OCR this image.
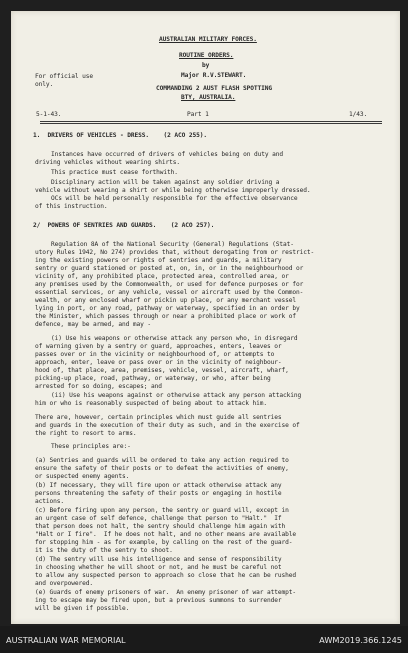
AUSTRALIAN MILITARY FORCES.
ROUTINE ORDERS.
by
Major R.V.STEWART.
COMMANDING 2 AUST FLASH SPOTTING
BTY, AUSTRALIA.
For official use
only.
5-1-43.	Part 1	1/43.
1.  DRIVERS OF VEHICLES - DRESS.    (2 ACO 255).
Instances have occurred of drivers of vehicles being on duty and
driving vehicles without wearing shirts.
This practice must cease forthwith.
Disciplinary action will be taken against any soldier driving a
vehicle without wearing a shirt or while being otherwise improperly dressed.
OCs will be held personally responsible for the effective observance
of this instruction.
2/  POWERS OF SENTRIES AND GUARDS.    (2 ACO 257).
Regulation 8A of the National Security (General) Regulations (Stat-
utory Rules 1942, No 274) provides that, without derogating from or restrict-
ing the existing powers or rights of sentries and guards, a military
sentry or guard stationed or posted at, on, in, or in the neighbourhood or
vicinity of, any prohibited place, protected area, controlled area, or
any premises used by the Commonwealth, or used for defence purposes or for
essential services, or any vehicle, vessel or aircraft used by the Common-
wealth, or any enclosed wharf or pickin up place, or any merchant vessel
lying in port, or any road, pathway or waterway, specified in an order by
the Minister, which passes through or near a prohibited place or work of
defence, may be armed, and may -
(i) Use his weapons or otherwise attack any person who, in disregard
of warning given by a sentry or guard, approaches, enters, leaves or
passes over or in the vicinity or neighbourhood of, or attempts to
approach, enter, leave or pass over or in the vicinity of neighbour-
hood of, that place, area, premises, vehicle, vessel, aircraft, wharf,
picking-up place, road, pathway, or waterway, or who, after being
arrested for so doing, escapes; and
(ii) Use his weapons against or otherwise attack any person attacking
him or who is reasonably suspected of being about to attack him.
There are, however, certain principles which must guide all sentries
and guards in the execution of their duty as such, and in the exercise of
the right to resort to arms.
These principles are:-
(a) Sentries and guards will be ordered to take any action required to
ensure the safety of their posts or to defeat the activities of enemy,
or suspected enemy agents.
(b) If necessary, they will fire upon or attack otherwise attack any
persons threatening the safety of their posts or engaging in hostile
actions.
(c) Before firing upon any person, the sentry or guard will, except in
an urgent case of self defence, challenge that person to "Halt."  If
that person does not halt, the sentry should challenge him again with
"Halt or I fire".  If he does not halt, and no other means are available
for stopping him - as for example, by calling on the rest of the guard-
it is the duty of the sentry to shoot.
(d) The sentry will use his intelligence and sense of responsibility
in choosing whether he will shoot or not, and he must be careful not
to allow any suspected person to approach so close that he can be rushed
and overpowered.
(e) Guards of enemy prisoners of war.  An enemy prisoner of war attempt-
ing to escape may be fired upon, but a previous summons to surrender
will be given if possible.
AUSTRALIAN WAR MEMORIAL	AWM2019.366.1245
